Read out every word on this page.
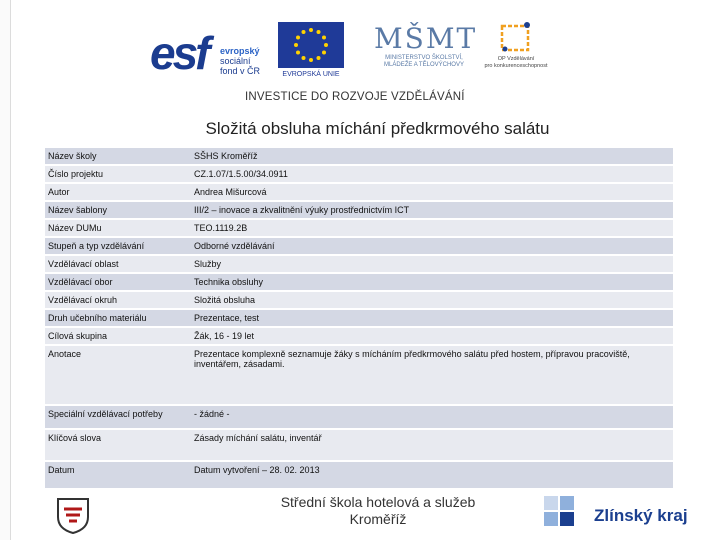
esf evropský
sociální
fond v ČR	EVROPSKÁ UNIE
MŠMT
MINISTERSTVO ŠKOLSTVÍ,
MLÁDEŽE A TĚLOVÝCHOVY
OP Vzdělávání
pro konkurenceschopnost
INVESTICE DO ROZVOJE VZDĚLÁVÁNÍ
Složitá obsluha míchání předkrmového salátu
Název školy	SŠHS Kroměříž
Číslo projektu	CZ.1.07/1.5.00/34.0911
Autor	Andrea Mišurcová
Název šablony	III/2 – inovace a zkvalitnění výuky prostřednictvím ICT
Název DUMu	TEO.1119.2B
Stupeň a typ vzdělávání	Odborné vzdělávání
Vzdělávací oblast	Služby
Vzdělávací obor	Technika obsluhy
Vzdělávací okruh	Složitá obsluha
Druh učebního materiálu	Prezentace, test
Cílová skupina	Žák, 16 - 19 let
Anotace	Prezentace komplexně seznamuje žáky s mícháním předkrmového salátu před hostem, přípravou pracoviště, inventářem, zásadami.
Speciální vzdělávací potřeby	- žádné -
Klíčová slova	Zásady míchání salátu, inventář
Datum	Datum vytvoření – 28. 02. 2013
Střední škola hotelová a služeb
Kroměříž	Zlínský kraj
